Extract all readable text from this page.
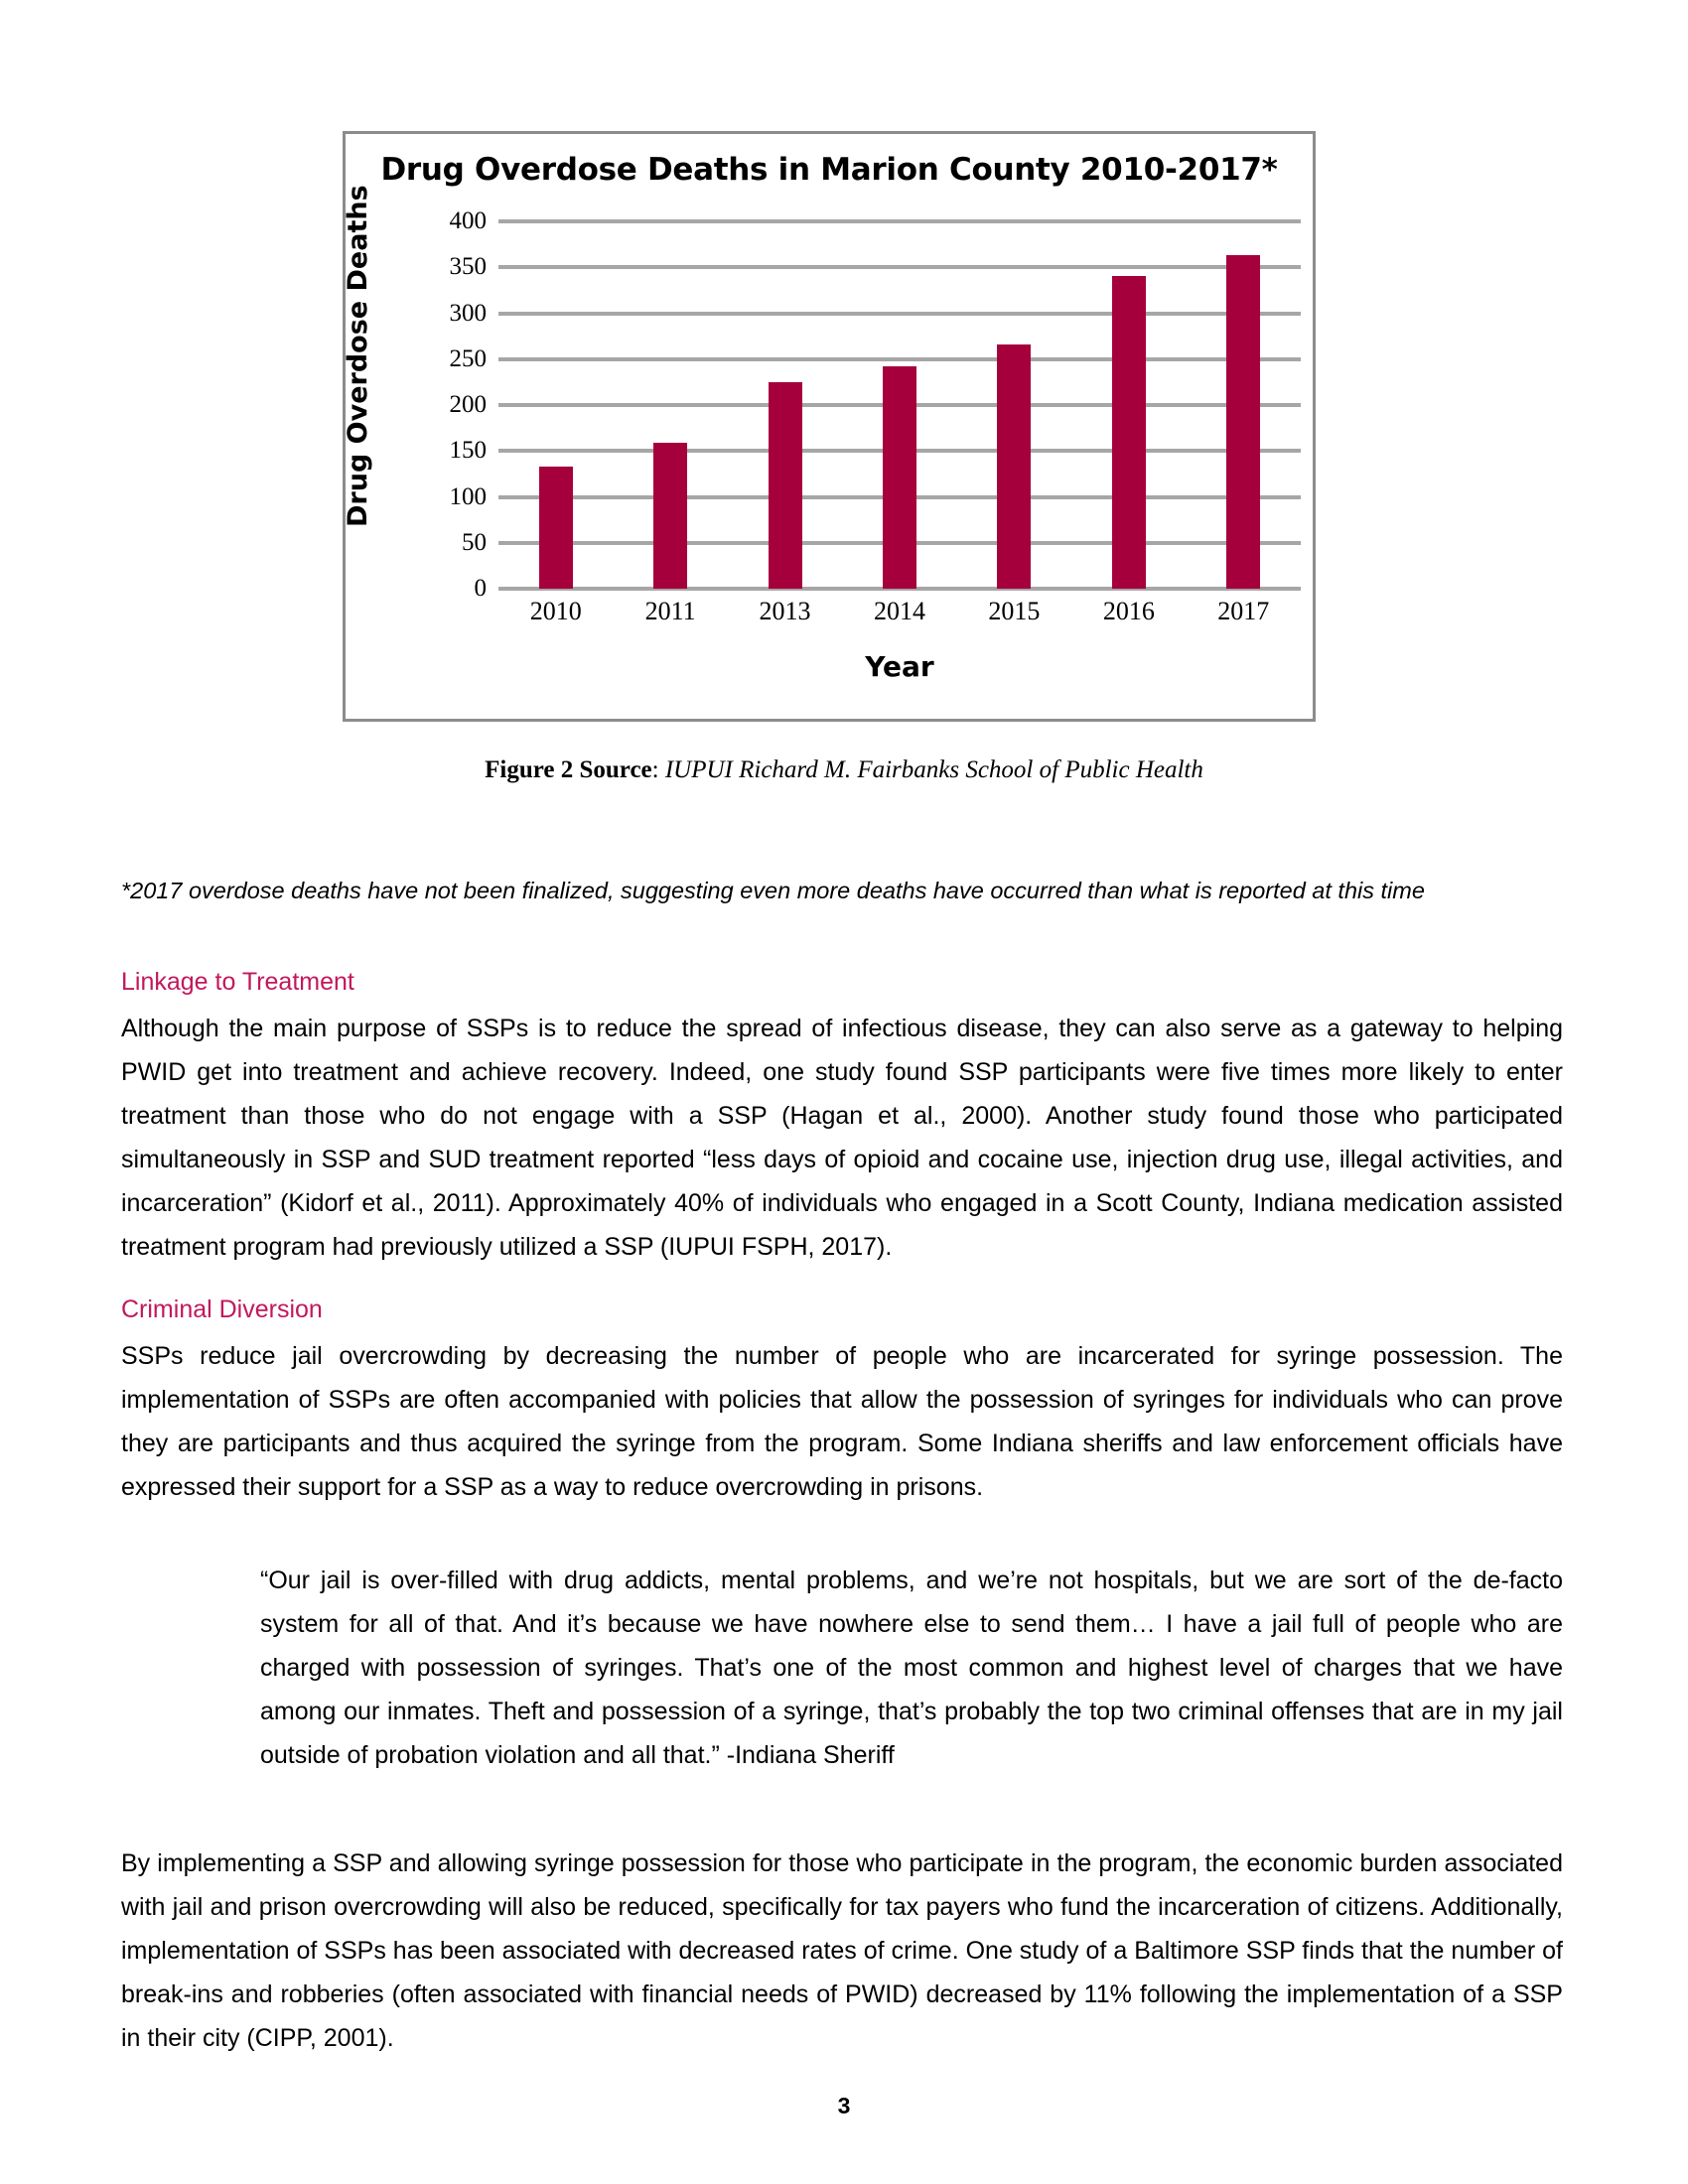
Drug Overdose Deaths in Marion County 2010-2017*
Drug Overdose Deaths
0
50
100
150
200
250
300
350
400
2010	2011	2013	2014	2015	2016	2017
Year
Figure 2 Source: IUPUI Richard M. Fairbanks School of Public Health
*2017 overdose deaths have not been finalized, suggesting even more deaths have occurred than what is reported at this time
Linkage to Treatment

Although the main purpose of SSPs is to reduce the spread of infectious disease, they can also serve as a gateway to helping PWID get into treatment and achieve recovery. Indeed, one study found SSP participants were five times more likely to enter treatment than those who do not engage with a SSP (Hagan et al., 2000). Another study found those who participated simultaneously in SSP and SUD treatment reported “less days of opioid and cocaine use, injection drug use, illegal activities, and incarceration” (Kidorf et al., 2011). Approximately 40% of individuals who engaged in a Scott County, Indiana medication assisted treatment program had previously utilized a SSP (IUPUI FSPH, 2017).

Criminal Diversion

SSPs reduce jail overcrowding by decreasing the number of people who are incarcerated for syringe possession. The implementation of SSPs are often accompanied with policies that allow the possession of syringes for individuals who can prove they are participants and thus acquired the syringe from the program. Some Indiana sheriffs and law enforcement officials have expressed their support for a SSP as a way to reduce overcrowding in prisons.

“Our jail is over-filled with drug addicts, mental problems, and we’re not hospitals, but we are sort of the de-facto system for all of that. And it’s because we have nowhere else to send them… I have a jail full of people who are charged with possession of syringes. That’s one of the most common and highest level of charges that we have among our inmates. Theft and possession of a syringe, that’s probably the top two criminal offenses that are in my jail outside of probation violation and all that.” -Indiana Sheriff

By implementing a SSP and allowing syringe possession for those who participate in the program, the economic burden associated with jail and prison overcrowding will also be reduced, specifically for tax payers who fund the incarceration of citizens. Additionally, implementation of SSPs has been associated with decreased rates of crime. One study of a Baltimore SSP finds that the number of break-ins and robberies (often associated with financial needs of PWID) decreased by 11% following the implementation of a SSP in their city (CIPP, 2001).

3
